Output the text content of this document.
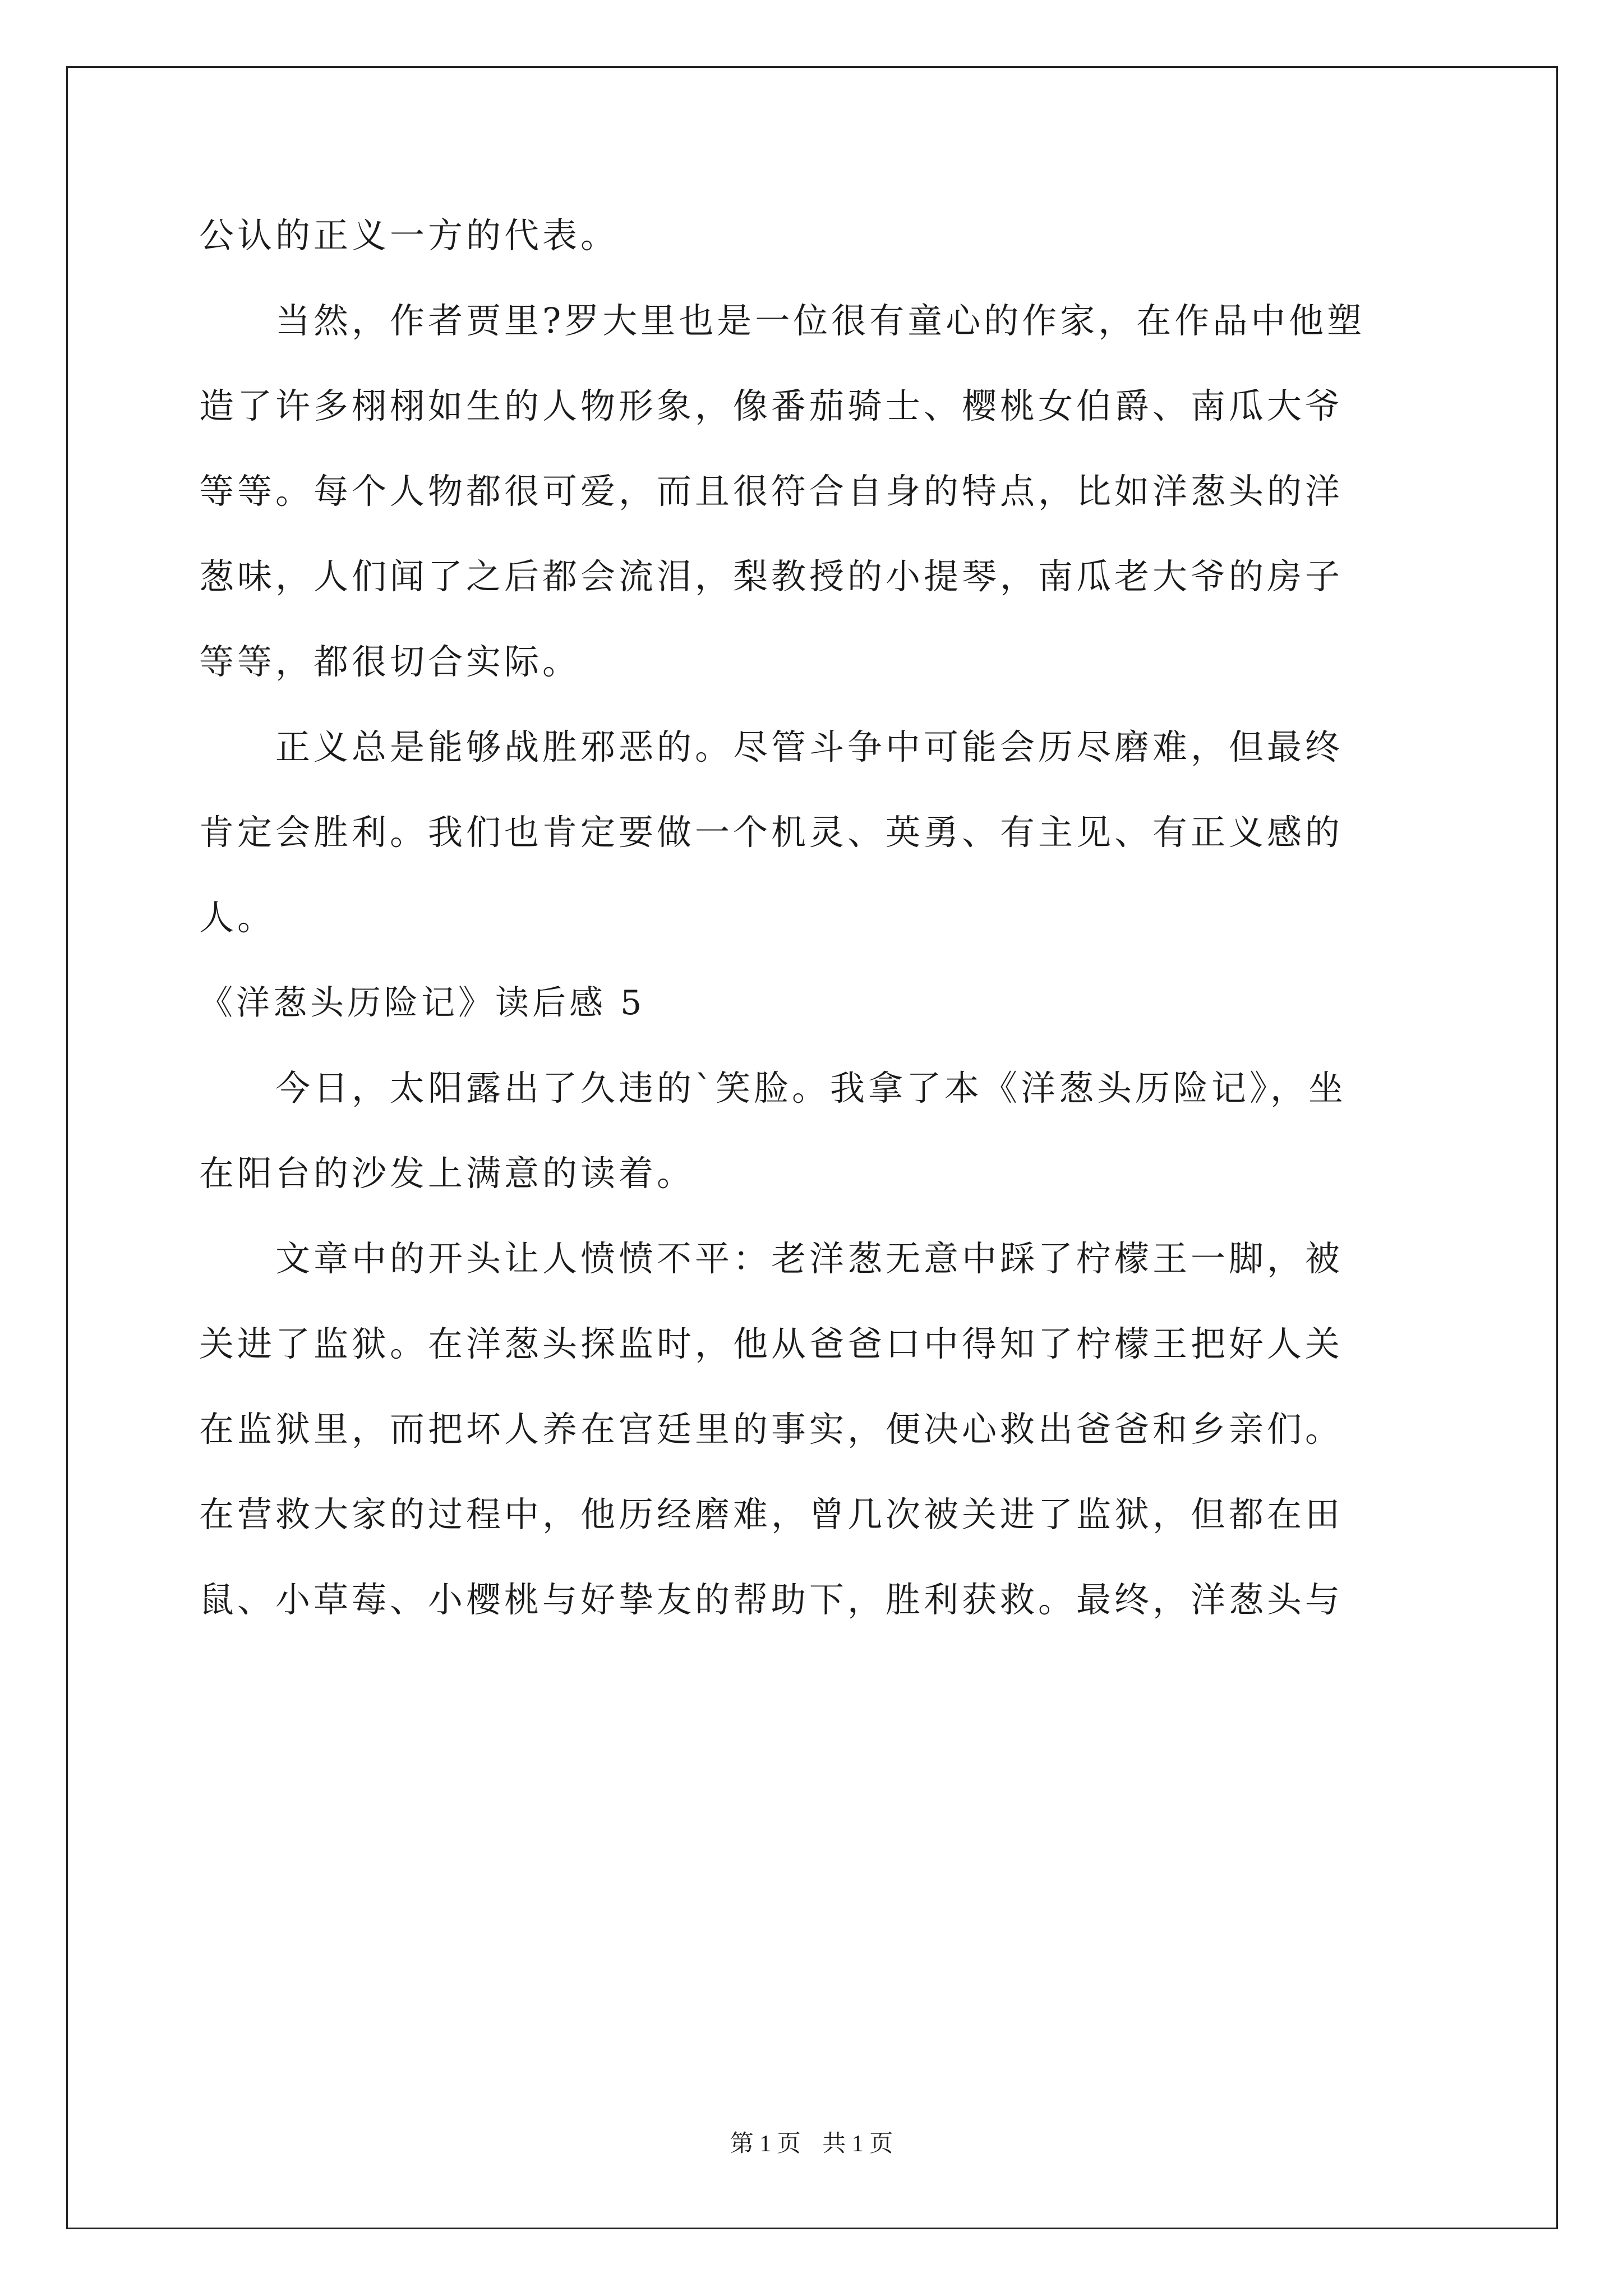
公认的正义一方的代表。
　　当然，作者贾里?罗大里也是一位很有童心的作家，在作品中他塑
造了许多栩栩如生的人物形象，像番茄骑士、樱桃女伯爵、南瓜大爷
等等。每个人物都很可爱，而且很符合自身的特点，比如洋葱头的洋
葱味，人们闻了之后都会流泪，梨教授的小提琴，南瓜老大爷的房子
等等，都很切合实际。
　　正义总是能够战胜邪恶的。尽管斗争中可能会历尽磨难，但最终
肯定会胜利。我们也肯定要做一个机灵、英勇、有主见、有正义感的
人。
《洋葱头历险记》读后感 5
　　今日，太阳露出了久违的`笑脸。我拿了本《洋葱头历险记》，坐
在阳台的沙发上满意的读着。
　　文章中的开头让人愤愤不平：老洋葱无意中踩了柠檬王一脚，被
关进了监狱。在洋葱头探监时，他从爸爸口中得知了柠檬王把好人关
在监狱里，而把坏人养在宫廷里的事实，便决心救出爸爸和乡亲们。
在营救大家的过程中，他历经磨难，曾几次被关进了监狱，但都在田
鼠、小草莓、小樱桃与好挚友的帮助下，胜利获救。最终，洋葱头与
第 1 页 共 1 页
